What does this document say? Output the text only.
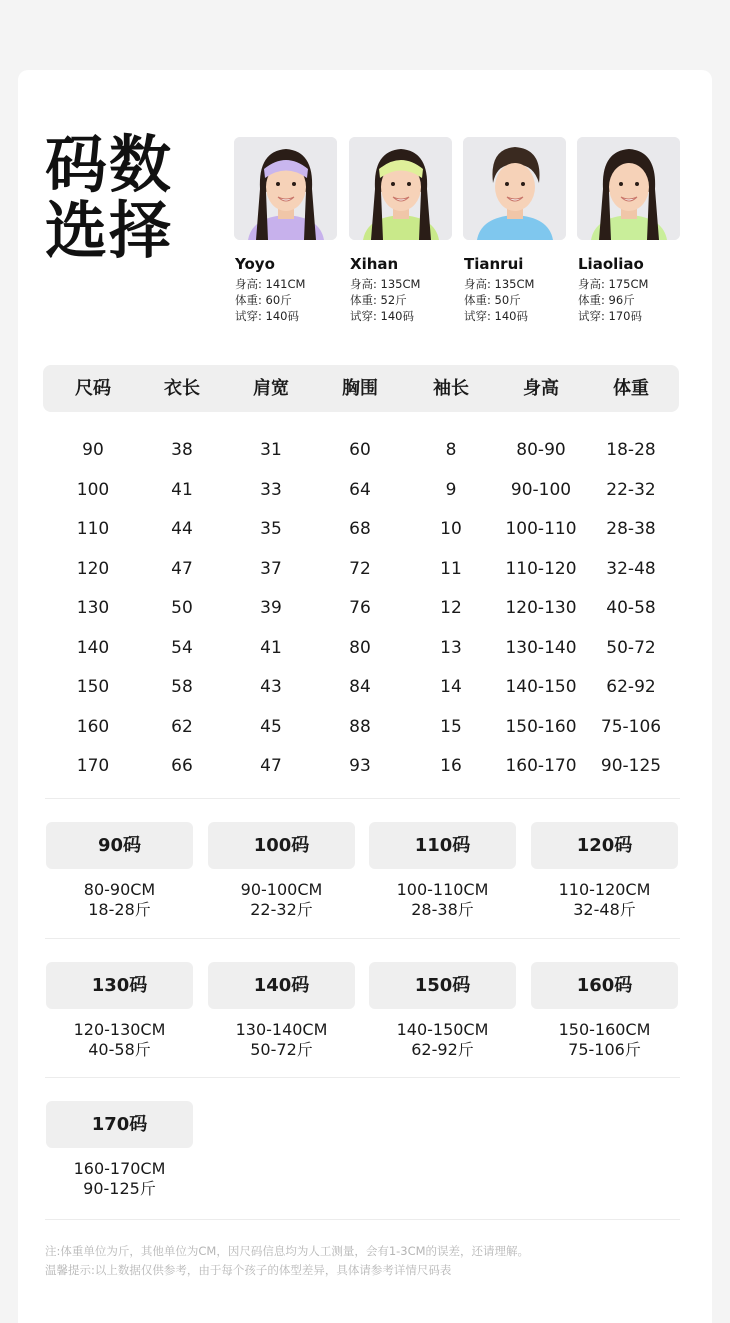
码数
选择	Yoyo
身高: 141CM
体重: 60斤
试穿: 140码
Xihan
身高: 135CM
体重: 52斤
试穿: 140码
Tianrui
身高: 135CM
体重: 50斤
试穿: 140码
Liaoliao
身高: 175CM
体重: 96斤
试穿: 170码
尺码	衣长	肩宽	胸围	袖长	身高	体重
90	38	31	60	8	80-90	18-28
100	41	33	64	9	90-100	22-32
110	44	35	68	10	100-110	28-38
120	47	37	72	11	110-120	32-48
130	50	39	76	12	120-130	40-58
140	54	41	80	13	130-140	50-72
150	58	43	84	14	140-150	62-92
160	62	45	88	15	150-160	75-106
170	66	47	93	16	160-170	90-125
90码
80-90CM
18-28斤
100码
90-100CM
22-32斤
110码
100-110CM
28-38斤
120码
110-120CM
32-48斤
130码
120-130CM
40-58斤
140码
130-140CM
50-72斤
150码
140-150CM
62-92斤
160码
150-160CM
75-106斤
170码
160-170CM
90-125斤
注:体重单位为斤，其他单位为CM，因尺码信息均为人工测量，会有1-3CM的误差，还请理解。
温馨提示:以上数据仅供参考，由于每个孩子的体型差异，具体请参考详情尺码表
